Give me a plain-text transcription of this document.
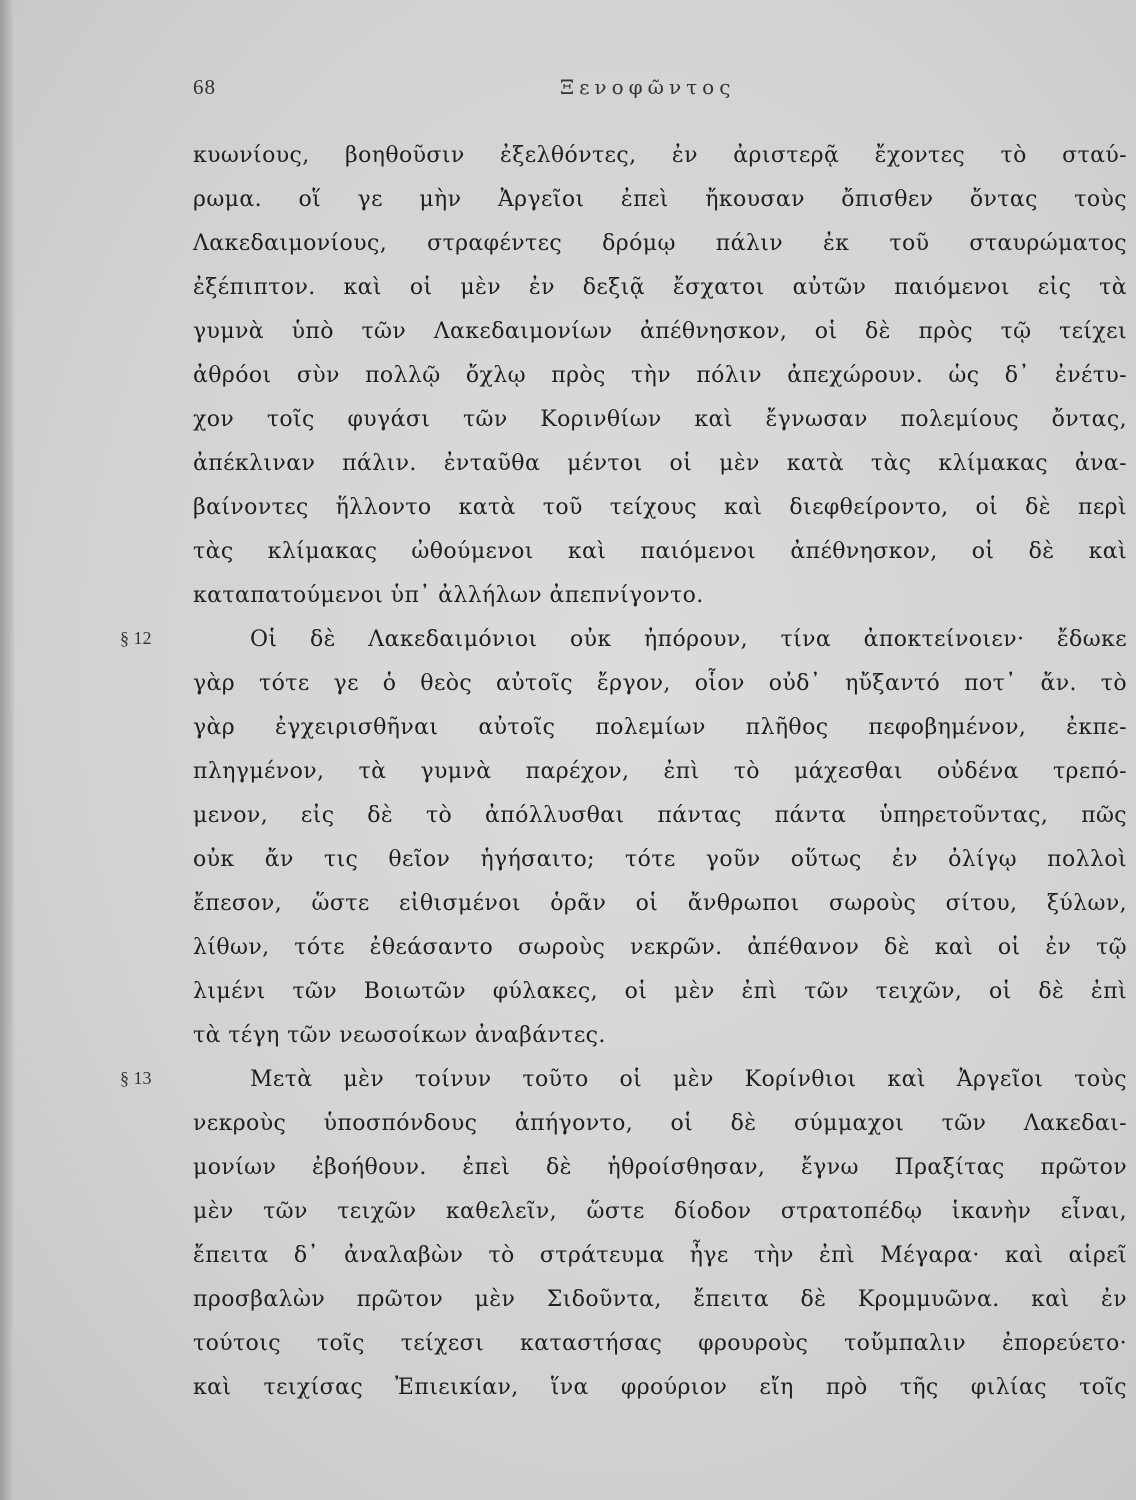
68	Ξενοφῶντος
κυωνίους, βοηθοῦσιν ἐξελθόντες, ἐν ἀριστερᾷ ἔχοντες τὸ σταύ-
ρωμα. οἵ γε μὴν Ἀργεῖοι ἐπεὶ ἤκουσαν ὄπισθεν ὄντας τοὺς
Λακεδαιμονίους, στραφέντες δρόμῳ πάλιν ἐκ τοῦ σταυρώματος
ἐξέπιπτον. καὶ οἱ μὲν ἐν δεξιᾷ ἔσχατοι αὐτῶν παιόμενοι εἰς τὰ
γυμνὰ ὑπὸ τῶν Λακεδαιμονίων ἀπέθνησκον, οἱ δὲ πρὸς τῷ τείχει
ἀθρόοι σὺν πολλῷ ὄχλῳ πρὸς τὴν πόλιν ἀπεχώρουν. ὡς δ᾽ ἐνέτυ-
χον τοῖς φυγάσι τῶν Κορινθίων καὶ ἔγνωσαν πολεμίους ὄντας,
ἀπέκλιναν πάλιν. ἐνταῦθα μέντοι οἱ μὲν κατὰ τὰς κλίμακας ἀνα-
βαίνοντες ἥλλοντο κατὰ τοῦ τείχους καὶ διεφθείροντο, οἱ δὲ περὶ
τὰς κλίμακας ὠθούμενοι καὶ παιόμενοι ἀπέθνησκον, οἱ δὲ καὶ
καταπατούμενοι ὑπ᾽ ἀλλήλων ἀπεπνίγοντο.
§ 12	Οἱ δὲ Λακεδαιμόνιοι οὐκ ἠπόρουν, τίνα ἀποκτείνοιεν· ἔδωκε
γὰρ τότε γε ὁ θεὸς αὐτοῖς ἔργον, οἷον οὐδ᾽ ηὔξαντό ποτ᾽ ἄν. τὸ
γὰρ ἐγχειρισθῆναι αὐτοῖς πολεμίων πλῆθος πεφοβημένον, ἐκπε-
πληγμένον, τὰ γυμνὰ παρέχον, ἐπὶ τὸ μάχεσθαι οὐδένα τρεπό-
μενον, εἰς δὲ τὸ ἀπόλλυσθαι πάντας πάντα ὑπηρετοῦντας, πῶς
οὐκ ἄν τις θεῖον ἡγήσαιτο; τότε γοῦν οὕτως ἐν ὀλίγῳ πολλοὶ
ἔπεσον, ὥστε εἰθισμένοι ὁρᾶν οἱ ἄνθρωποι σωροὺς σίτου, ξύλων,
λίθων, τότε ἐθεάσαντο σωροὺς νεκρῶν. ἀπέθανον δὲ καὶ οἱ ἐν τῷ
λιμένι τῶν Βοιωτῶν φύλακες, οἱ μὲν ἐπὶ τῶν τειχῶν, οἱ δὲ ἐπὶ
τὰ τέγη τῶν νεωσοίκων ἀναβάντες.
§ 13	Μετὰ μὲν τοίνυν τοῦτο οἱ μὲν Κορίνθιοι καὶ Ἀργεῖοι τοὺς
νεκροὺς ὑποσπόνδους ἀπήγοντο, οἱ δὲ σύμμαχοι τῶν Λακεδαι-
μονίων ἐβοήθουν. ἐπεὶ δὲ ἡθροίσθησαν, ἔγνω Πραξίτας πρῶτον
μὲν τῶν τειχῶν καθελεῖν, ὥστε δίοδον στρατοπέδῳ ἱκανὴν εἶναι,
ἔπειτα δ᾽ ἀναλαβὼν τὸ στράτευμα ἦγε τὴν ἐπὶ Μέγαρα· καὶ αἱρεῖ
προσβαλὼν πρῶτον μὲν Σιδοῦντα, ἔπειτα δὲ Κρομμυῶνα. καὶ ἐν
τούτοις τοῖς τείχεσι καταστήσας φρουροὺς τοὔμπαλιν ἐπορεύετο·
καὶ τειχίσας Ἐπιεικίαν, ἵνα φρούριον εἴη πρὸ τῆς φιλίας τοῖς
